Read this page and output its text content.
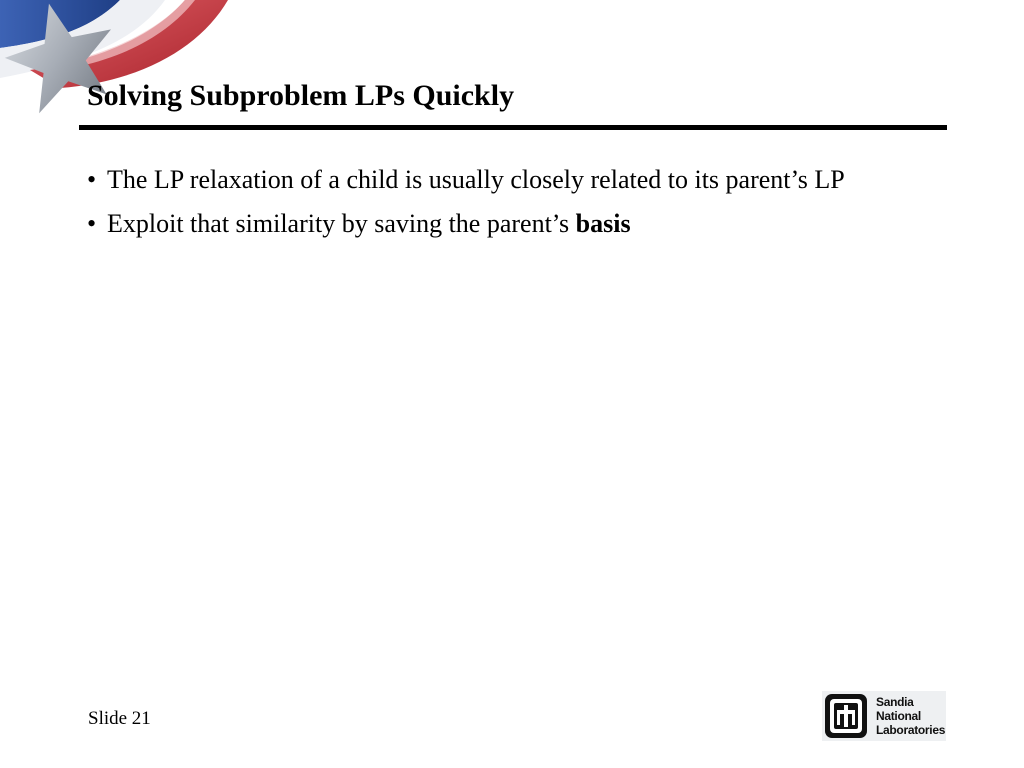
Solving Subproblem LPs Quickly
• The LP relaxation of a child is usually closely related to its parent’s LP
• Exploit that similarity by saving the parent’s basis
Slide 21
Sandia
National
Laboratories
